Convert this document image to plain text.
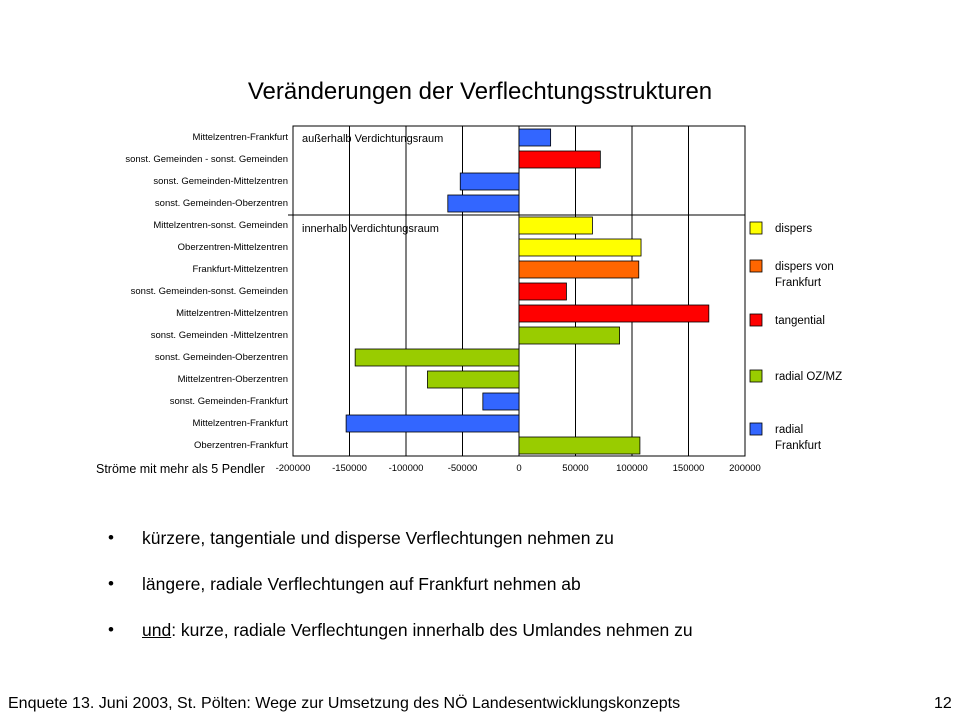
Veränderungen der Verflechtungsstrukturen
Mittelzentren-Frankfurt
sonst. Gemeinden - sonst. Gemeinden
sonst. Gemeinden-Mittelzentren
sonst. Gemeinden-Oberzentren
Mittelzentren-sonst. Gemeinden
Oberzentren-Mittelzentren
Frankfurt-Mittelzentren
sonst. Gemeinden-sonst. Gemeinden
Mittelzentren-Mittelzentren
sonst. Gemeinden -Mittelzentren
sonst. Gemeinden-Oberzentren
Mittelzentren-Oberzentren
sonst. Gemeinden-Frankfurt
Mittelzentren-Frankfurt
Oberzentren-Frankfurt
-200000 -150000 -100000	-50000	0	50000	100000	150000	200000
dispers
dispers von
Frankfurt
tangential
radial OZ/MZ
radial
Frankfurt
Ströme mit mehr als 5 Pendler
außerhalb Verdichtungsraum
innerhalb Verdichtungsraum
•	kürzere, tangentiale und disperse Verflechtungen nehmen zu
•	längere, radiale Verflechtungen auf Frankfurt nehmen ab
•	und: kurze, radiale Verflechtungen innerhalb des Umlandes nehmen zu
Enquete 13. Juni 2003, St. Pölten: Wege zur Umsetzung des NÖ Landesentwicklungskonzepts	12
